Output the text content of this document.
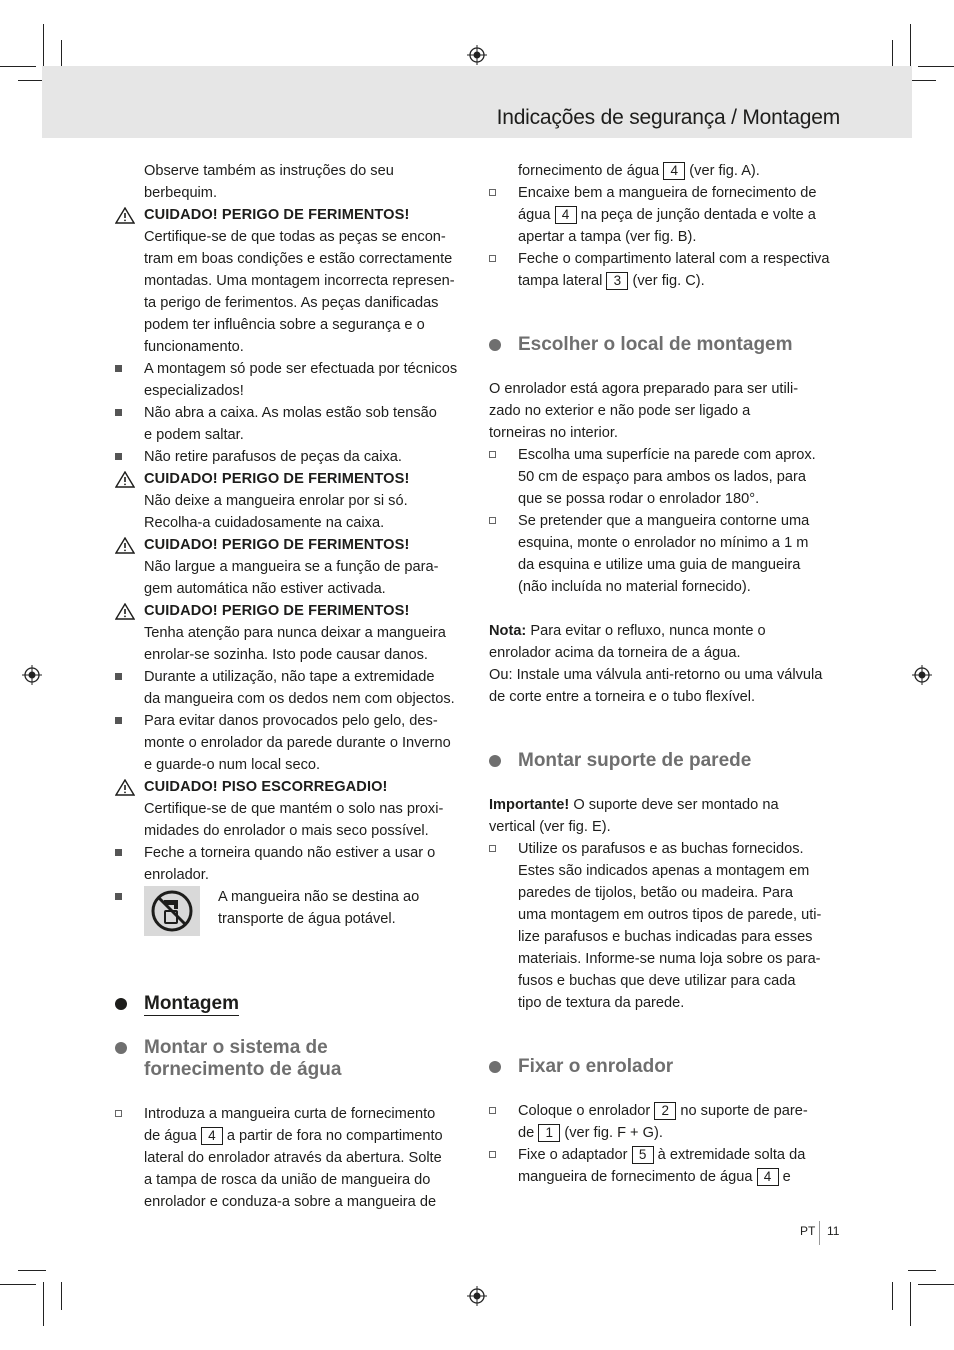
Indicações de segurança / Montagem

Observe também as instruções do seu berbequim.

CUIDADO! PERIGO DE FERIMENTOS!
Certifique-se de que todas as peças se encon-
tram em boas condições e estão correctamente
montadas. Uma montagem incorrecta represen-
ta perigo de ferimentos. As peças danificadas
podem ter influência sobre a segurança e o
funcionamento.
A montagem só pode ser efectuada por técnicos
especializados!
Não abra a caixa. As molas estão sob tensão
e podem saltar.
Não retire parafusos de peças da caixa.
CUIDADO! PERIGO DE FERIMENTOS!
Não deixe a mangueira enrolar por si só.
Recolha-a cuidadosamente na caixa.
CUIDADO! PERIGO DE FERIMENTOS!
Não largue a mangueira se a função de para-
gem automática não estiver activada.
CUIDADO! PERIGO DE FERIMENTOS!
Tenha atenção para nunca deixar a mangueira
enrolar-se sozinha. Isto pode causar danos.
Durante a utilização, não tape a extremidade
da mangueira com os dedos nem com objectos.
Para evitar danos provocados pelo gelo, des-
monte o enrolador da parede durante o Inverno
e guarde-o num local seco.
CUIDADO! PISO ESCORREGADIO!
Certifique-se de que mantém o solo nas proxi-
midades do enrolador o mais seco possível.
Feche a torneira quando não estiver a usar o
enrolador.
A mangueira não se destina ao
transporte de água potável.
Montagem
Montar o sistema de
fornecimento de água
Introduza a mangueira curta de fornecimento
de água 4 a partir de fora no compartimento
lateral do enrolador através da abertura. Solte
a tampa de rosca da união de mangueira do
enrolador e conduza-a sobre a mangueira de
fornecimento de água 4 (ver fig. A).
Encaixe bem a mangueira de fornecimento de
água 4 na peça de junção dentada e volte a
apertar a tampa (ver fig. B).
Feche o compartimento lateral com a respectiva
tampa lateral 3 (ver fig. C).
Escolher o local de montagem

O enrolador está agora preparado para ser utili-

zado no exterior e não pode ser ligado a

torneiras no interior.

Escolha uma superfície na parede com aprox.
50 cm de espaço para ambos os lados, para
que se possa rodar o enrolador 180°.
Se pretender que a mangueira contorne uma
esquina, monte o enrolador no mínimo a 1 m
da esquina e utilize uma guia de mangueira
(não incluída no material fornecido).

Nota: Para evitar o refluxo, nunca monte o

enrolador acima da torneira de a água.

Ou: Instale uma válvula anti-retorno ou uma válvula

de corte entre a torneira e o tubo flexível.

Montar suporte de parede

Importante! O suporte deve ser montado na

vertical (ver fig. E).

Utilize os parafusos e as buchas fornecidos.
Estes são indicados apenas a montagem em
paredes de tijolos, betão ou madeira. Para
uma montagem em outros tipos de parede, uti-
lize parafusos e buchas indicadas para esses
materiais. Informe-se numa loja sobre os para-
fusos e buchas que deve utilizar para cada
tipo de textura da parede.
Fixar o enrolador
Coloque o enrolador 2 no suporte de pare-
de 1 (ver fig. F + G).
Fixe o adaptador 5 à extremidade solta da
mangueira de fornecimento de água 4 e
PT 11
